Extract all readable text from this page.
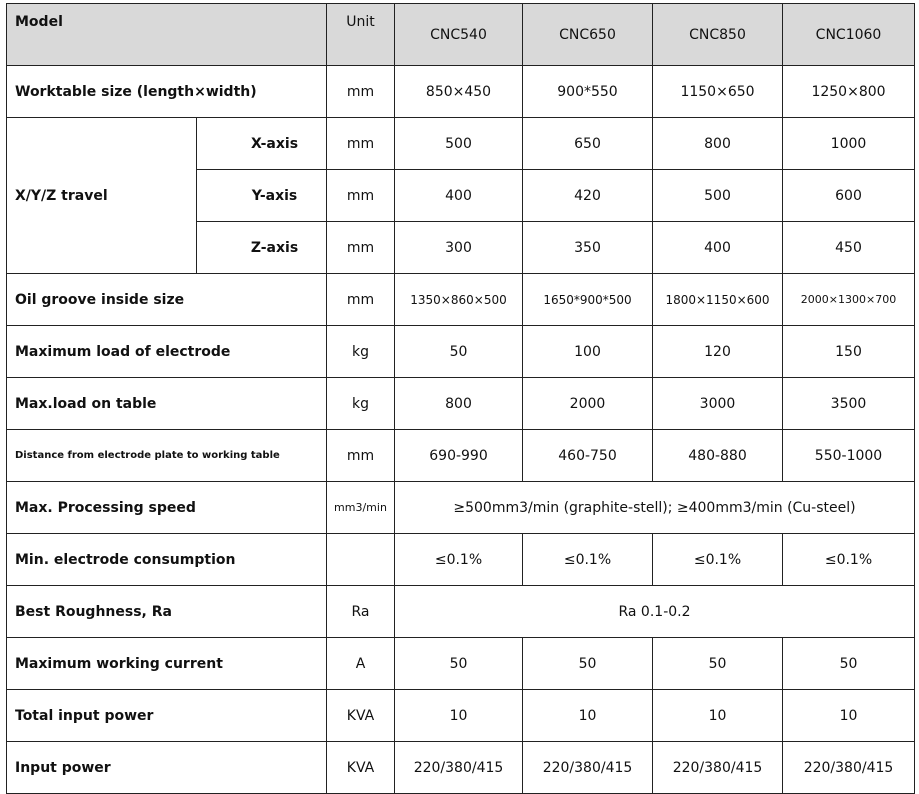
Model		Unit	CNC540	CNC650	CNC850	CNC1060
Worktable size (length×width)		mm	850×450	900*550	1150×650	1250×800
	X-axis	mm	500	650	800	1000
X/Y/Z travel	Y-axis	mm	400	420	500	600
	Z-axis	mm	300	350	400	450
Oil groove inside size		mm	1350×860×500	1650*900*500	1800×1150×600	2000×1300×700
Maximum load of electrode		kg	50	100	120	150
Max.load on table		kg	800	2000	3000	3500
Distance from electrode plate to working table		mm	690-990	460-750	480-880	550-1000
Max. Processing speed		mm3/min	≥500mm3/min (graphite-stell); ≥400mm3/min (Cu-steel)			
Min. electrode consumption			≤0.1%	≤0.1%	≤0.1%	≤0.1%
Best Roughness, Ra		Ra	Ra 0.1-0.2			
Maximum working current		A	50	50	50	50
Total input power		KVA	10	10	10	10
Input power		KVA	220/380/415	220/380/415	220/380/415	220/380/415
